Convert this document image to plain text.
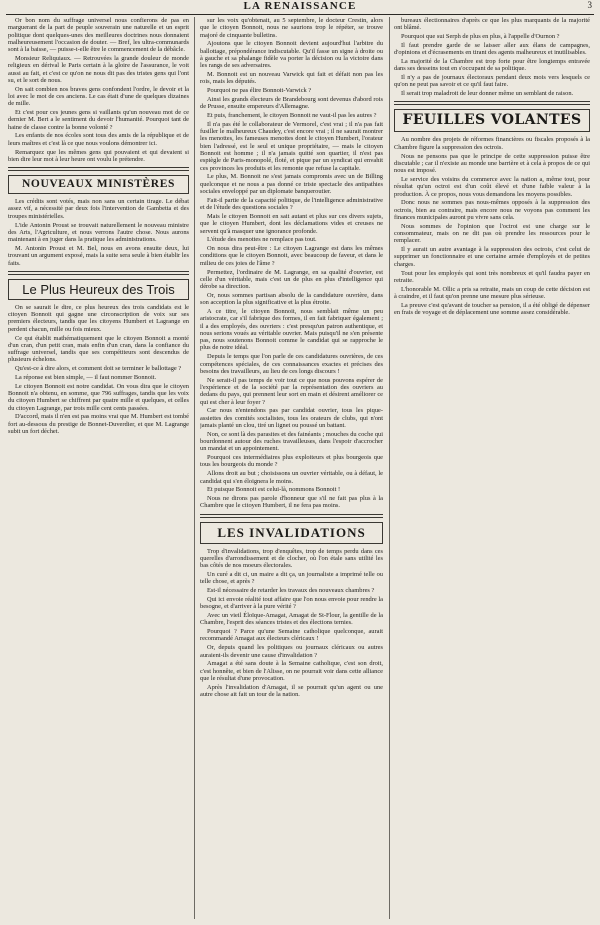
LA RENAISSANCE	3

Or bon nom du suffrage universel nous confierons de pas en marguerant de la part de peuple souverain une naturelle et un esprit politique dont quelques-unes des meilleures doctrines nous donnaient malheureusement l'occasion de douter. — Bref, les ultra-communards sont à la baisse, — puisse-t-elle être le commencement de la débâcle.

Monsieur Reliquiaux. — Retrouvées la grande douleur de monde religieux en dérival le Paris certain à la gloire de l'assurance, le voit aussi au fait, et c'est ce qu'on ne nous dit pas des tristes gens qui l'ont su, et le sort de nous.

On sait combien nos braves gens confondent l'ordre, le devoir et la loi avec le mot de ces anciens. Le cas était d'une de quelques dizaines de mille.

Et c'est pour ces jeunes gens si vaillants qu'un nouveau mot de ce dernier M. Bert a le sentiment du devoir l'humanité. Pourquoi tant de haine de classe contre la bonne volonté ?

Les enfants de nos écoles sont tous des amis de la république et de leurs maîtres et c'est là ce que nous voulons démontrer ici.

Remarquez que les mêmes gens qui pouvaient et qui devaient si bien dire leur mot à leur heure ont voulu le prétendre.

NOUVEAUX MINISTÈRES

Les crédits sont votés, mais non sans un certain tirage. Le débat assez vif, a nécessité par deux fois l'intervention de Gambetta et des troupes ministérielles.

L'ide Antonin Proust se trouvait naturellement le nouveau ministre des Arts, l'Agriculture, et nous verrons l'autre chose. Nous aurons maintenant à en juger dans la pratique les administrations.

M. Antonin Proust et M. Bel, nous en avons ensuite deux, lui trouvant un argument exposé, mais la suite sera seule à bien établir les faits.

Le Plus Heureux des Trois

On se saurait le dire, ce plus heureux des trois candidats est le citoyen Bonnoit qui gagne une circonscription de voix sur ses premiers électeurs, tandis que les citoyens Humbert et Lagrange en perdent chacun, mille ou fois mieux.

Ce qui établit mathématiquement que le citoyen Bonnoit a monté d'un cran, d'un petit cran, mais enfin d'un cran, dans la confiance du suffrage universel, tandis que ses compétiteurs sont descendus de plusieurs échelons.

Qu'est-ce à dire alors, et comment doit se terminer le ballottage ?

La réponse est bien simple, — il faut nommer Bonnoit.

Le citoyen Bonnoit est notre candidat. On vous dira que le citoyen Bonnoit n'a obtenu, en somme, que 796 suffrages, tandis que les voix du citoyen Humbert se chiffrent par quatre mille et quelques, et celles du citoyen Lagrange, par trois mille cent cents passées.

D'accord, mais il n'en est pas moins vrai que M. Humbert est tombé fort au-dessous du prestige de Bonnet-Duverdier, et que M. Lagrange subit un fort déchet.

sur les voix qu'obtenait, au 5 septembre, le docteur Crestin, alors que le citoyen Bonnoit, nous ne saurions trop le répéter, se trouve majoré de cinquante bulletins.

Ajoutons que le citoyen Bonnoit devient aujourd'hui l'arbitre du ballottage, prépondérance indiscutable. Qu'il fasse un signe à droite ou à gauche et sa phalange fidèle va porter la décision ou la victoire dans les rangs de ses adversaires.

M. Bonnoit est un nouveau Varwick qui fait et défait non pas les rois, mais les députés.

Pourquoi ne pas élire Bonnoit-Varwick ?

Ainsi les grands électeurs de Brandebourg sont devenus d'abord rois de Prusse, ensuite empereurs d'Allemagne.

Et puis, franchement, le citoyen Bonnoit ne vaut-il pas les autres ?

Il n'a pas été le collaborateur de Vermorel, c'est vrai ; il n'a pas fait fusiller le malheureux Chaudey, c'est encore vrai ; il ne saurait montrer les menottes, les fameuses menottes dont le citoyen Humbert, l'orateur bien l'adressé, est le seul et unique propriétaire, — mais le citoyen Bonnoit est homme ; il n'a jamais quitté son quartier, il n'est pas espiègle de Paris-monopolé, floté, et pique par un syndicat qui envahit ces provinces les produits et les remonte que refuse la capitale.

Le plus, M. Bonnoit ne s'est jamais compromis avec un de Billing quelconque et ne nous a pas donné ce triste spectacle des antipathies sociales enveloppé par un diplomate banqueroutier.

Fait-il partie de la capacité politique, de l'intelligence administrative et de l'étude des questions sociales ?

Mais le citoyen Bonnoit en sait autant et plus sur ces divers sujets, que le citoyen Humbert, dont les déclamations vides et creuses ne servent qu'à masquer une ignorance profonde.

L'étude des menottes ne remplace pas tout.

On nous dira peut-être : Le citoyen Lagrange est dans les mêmes conditions que le citoyen Bonnoit, avec beaucoup de faveur, et dans le milieu de ces joies de l'âme ?

Permettez, l'ordinaire de M. Lagrange, en sa qualité d'ouvrier, est celle d'un véritable, mais c'est un de plus en plus d'intelligence qui dérobe sa direction.

Or, nous sommes partisan absolu de la candidature ouvrière, dans son acception la plus significative et la plus étroite.

A ce titre, le citoyen Bonnoit, nous semblait même un peu aristocrate, car s'il fabrique des formes, il en fait fabriquer également ; il a des employés, des ouvriers : c'est presqu'un patron authentique, et nous serions voués au véritable ouvrier. Mais puisqu'il ne s'en présente pas, nous soutenons Bonnoit comme le candidat qui se rapproche le plus de notre idéal.

Depuis le temps que l'on parle de ces candidatures ouvrières, de ces compétences spéciales, de ces connaissances exactes et précises des besoins des travailleurs, au lieu de ces longs discours !

Ne serait-il pas temps de voir tout ce que nous pouvons espérer de l'expérience et de la société par la représentation des ouvriers au dedans du pays, qui prennent leur sort en main et désirent améliorer ce qui est cher à leur foyer ?

Car nous n'entendons pas par candidat ouvrier, tous les pique-assiettes des comités socialistes, tous les orateurs de clubs, qui n'ont jamais planté un clou, tiré un lignet ou poussé un battant.

Non, ce sont là des parasites et des fainéants ; mouches du coche qui bourdonnent autour des ruches travailleuses, dans l'espoir d'accrocher un mandat et un appointement.

Pourquoi ces intermédiaires plus exploiteurs et plus bourgeois que tous les bourgeois du monde ?

Allons droit au but ; choisissons un ouvrier véritable, ou à défaut, le candidat qui s'en éloignera le moins.

Et puisque Bonnoit est celui-là, nommons Bonnoit !

Nous ne dirons pas parole d'honneur que s'il ne fait pas plus à la Chambre que le citoyen Humbert, il ne fera pas moins.

LES INVALIDATIONS

Trop d'invalidations, trop d'enquêtes, trop de temps perdu dans ces querelles d'arrondissement et de clocher, où l'on étale sans utilité les bas côtés de nos moeurs électorales.

Un curé a dit ci, un maire a dit ça, un journaliste a imprimé telle ou telle chose, et après ?

Est-il nécessaire de retarder les travaux des nouveaux chambres ?

Qui ici envoie réalité tout affaire que l'on nous envoie pour rendre la besogne, et d'arriver à la pure vérité ?

Avec un vieil Éloïque-Amagat, Amagat de St-Flour, la gentille de la Chambre, l'esprit des séances tristes et des élections ternies.

Pourquoi ? Parce qu'une Semaine catholique quelconque, aurait recommandé Amagat aux électeurs cléricaux !

Or, depuis quand les politiques ou journaux cléricaux ou autres auraient-ils devenir une cause d'invalidation ?

Amagat a été sans doute à la Semaine catholique, c'est son droit, c'est honnête, et bien de l'Alisse, on ne pourrait voir dans cette alliance que le résultat d'une provocation.

Après l'invalidation d'Amagat, il se pourrait qu'un agent ou une autre chose ait fait un tour de la nation.

bureaux électionnaires d'après ce que les plus marquants de la majorité ont blâmé.

Pourquoi que sui Serph de plus en plus, à l'appelle d'Ournon ?

Il faut prendre garde de se laisser aller aux élans de campagnes, d'opinions et d'écrasements en tirant des agents malheureux et inutilisables.

La majorité de la Chambre est trop forte pour être longtemps entravée dans ses desseins tout en s'occupant de sa politique.

Il n'y a pas de journaux électoraux pendant deux mois vers lesquels ce qu'on ne peut pas savoir et ce qu'il faut faire.

Il serait trop maladroit de leur donner même un semblant de raison.

FEUILLES VOLANTES

Au nombre des projets de réformes financières ou fiscales proposés à la Chambre figure la suppression des octrois.

Nous ne pensons pas que le principe de cette suppression puisse être discutable ; car il n'existe au monde une barrière et à cela à propos de ce qui nous est imposé.

Le service des voisins du commerce avec la nation a, même tout, pour résultat qu'un octroi est d'un coût élevé et d'une faible valeur à la production. À ce propos, nous vous demandons les moyens possibles.

Donc nous ne sommes pas nous-mêmes opposés à la suppression des octrois, bien au contraire, mais encore nous ne voyons pas comment les finances municipales auront pu vivre sans cela.

Nous sommes de l'opinion que l'octroi est une charge sur le consommateur, mais on ne dit pas où prendre les ressources pour le remplacer.

Il y aurait un autre avantage à la suppression des octrois, c'est celui de supprimer un fonctionnaire et une certaine armée d'employés et de petites charges.

Tout pour les employés qui sont très nombreux et qu'il faudra payer en retraite.

L'honorable M. Ollic a pris sa retraite, mais un coup de cette décision est à craindre, et il faut qu'on prenne une mesure plus sérieuse.

La preuve c'est qu'avant de toucher sa pension, il a été obligé de dépenser en frais de voyage et de déplacement une somme assez considérable.
